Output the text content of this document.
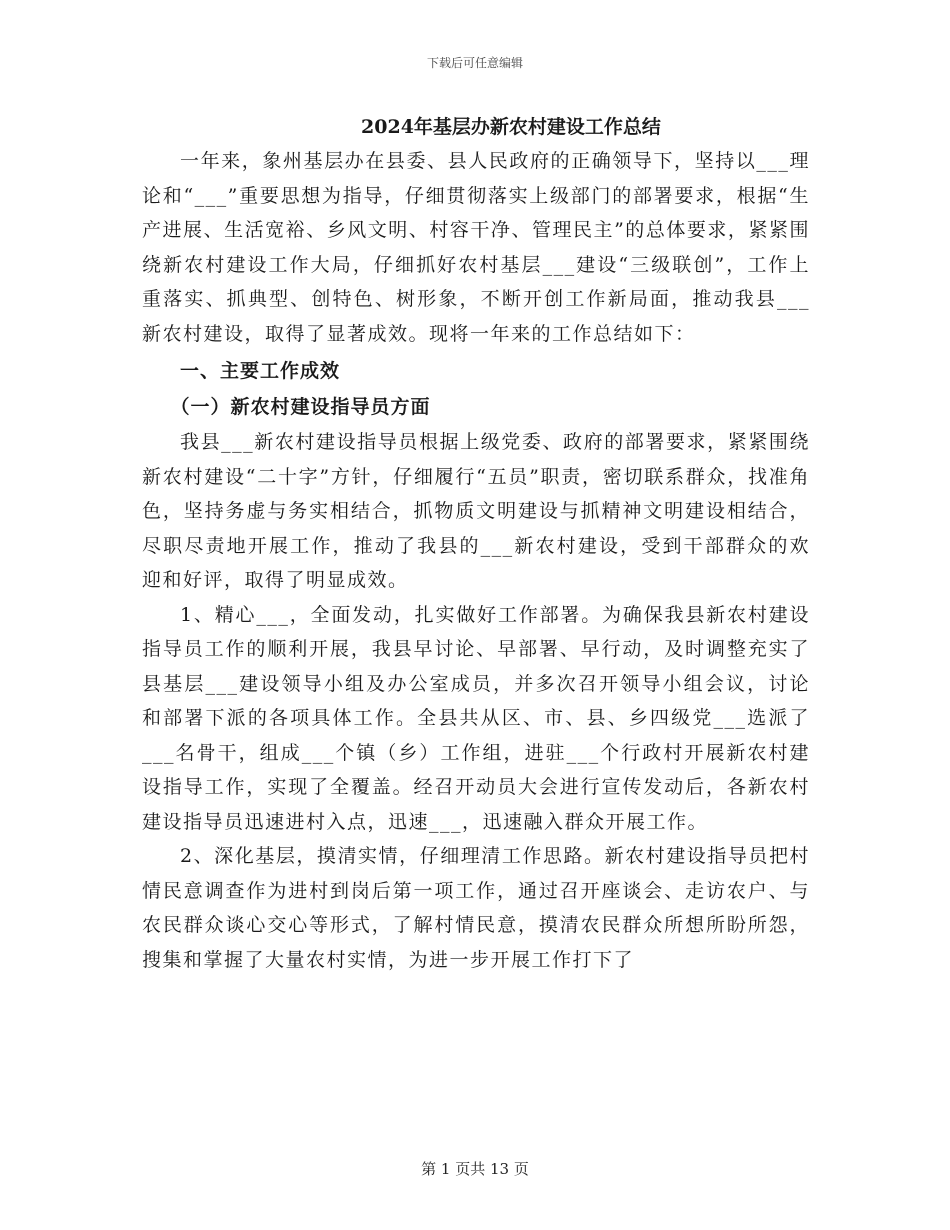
下载后可任意编辑
2024年基层办新农村建设工作总结

一年来，象州基层办在县委、县人民政府的正确领导下，坚持以___理论和“___”重要思想为指导，仔细贯彻落实上级部门的部署要求，根据“生产进展、生活宽裕、乡风文明、村容干净、管理民主”的总体要求，紧紧围绕新农村建设工作大局，仔细抓好农村基层___建设“三级联创”，工作上重落实、抓典型、创特色、树形象，不断开创工作新局面，推动我县___新农村建设，取得了显著成效。现将一年来的工作总结如下：

一、主要工作成效
（一）新农村建设指导员方面

我县___新农村建设指导员根据上级党委、政府的部署要求，紧紧围绕新农村建设“二十字”方针，仔细履行“五员”职责，密切联系群众，找准角色，坚持务虚与务实相结合，抓物质文明建设与抓精神文明建设相结合，尽职尽责地开展工作，推动了我县的___新农村建设，受到干部群众的欢迎和好评，取得了明显成效。

1、精心___，全面发动，扎实做好工作部署。为确保我县新农村建设指导员工作的顺利开展，我县早讨论、早部署、早行动，及时调整充实了县基层___建设领导小组及办公室成员，并多次召开领导小组会议，讨论和部署下派的各项具体工作。全县共从区、市、县、乡四级党___选派了___名骨干，组成___个镇（乡）工作组，进驻___个行政村开展新农村建设指导工作，实现了全覆盖。经召开动员大会进行宣传发动后，各新农村建设指导员迅速进村入点，迅速___，迅速融入群众开展工作。

2、深化基层，摸清实情，仔细理清工作思路。新农村建设指导员把村情民意调查作为进村到岗后第一项工作，通过召开座谈会、走访农户、与农民群众谈心交心等形式，了解村情民意，摸清农民群众所想所盼所怨，搜集和掌握了大量农村实情，为进一步开展工作打下了

第 1 页共 13 页
